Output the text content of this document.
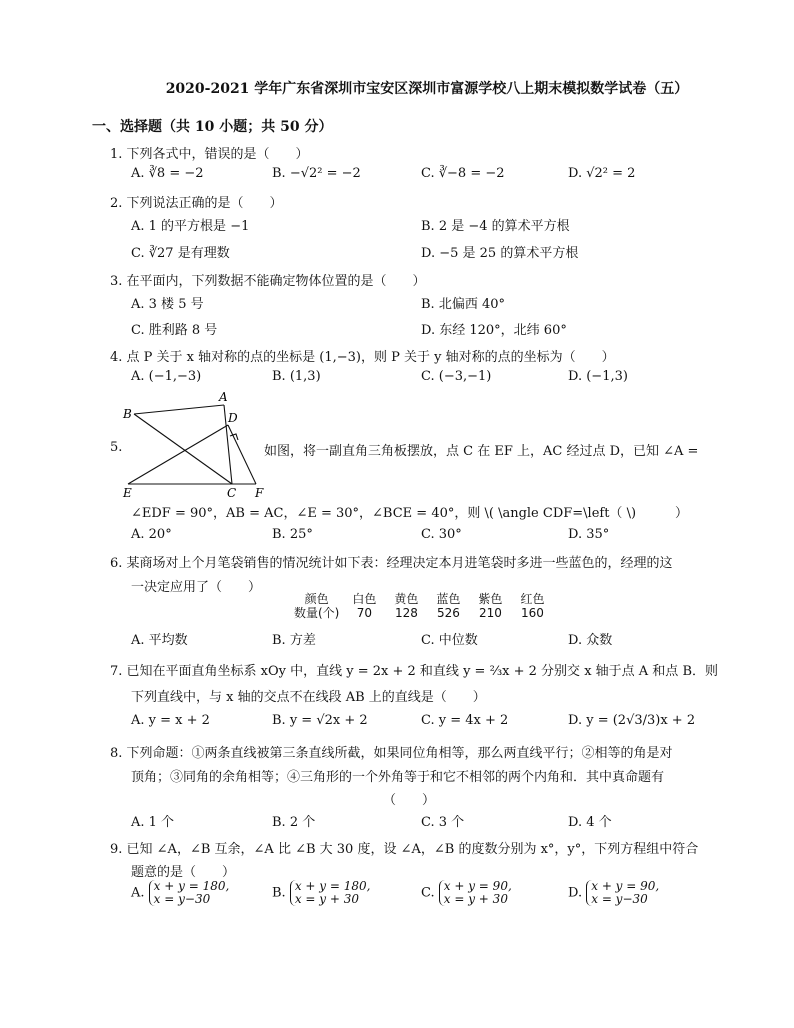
2020-2021 学年广东省深圳市宝安区深圳市富源学校八上期末模拟数学试卷（五）
一、选择题（共 10 小题；共 50 分）
1. 下列各式中，错误的是（　　）
A. ∛8 = −2	B. −√2² = −2	C. ∛−8 = −2	D. √2² = 2
2. 下列说法正确的是（　　）
A. 1 的平方根是 −1	B. 2 是 −4 的算术平方根
C. ∛27 是有理数	D. −5 是 25 的算术平方根
3. 在平面内，下列数据不能确定物体位置的是（　　）
A. 3 楼 5 号	B. 北偏西 40°
C. 胜利路 8 号	D. 东经 120°，北纬 60°
4. 点 P 关于 x 轴对称的点的坐标是 (1,−3)，则 P 关于 y 轴对称的点的坐标为（　　）
A. (−1,−3)	B. (1,3)	C. (−3,−1)	D. (−1,3)
5.
A
B
C
D
E	F
如图，将一副直角三角板摆放，点 C 在 EF 上，AC 经过点 D，已知 ∠A =
∠EDF = 90°，AB = AC，∠E = 30°，∠BCE = 40°，则 \( \angle CDF=\left（ \)　　　）
A. 20°	B. 25°	C. 30°	D. 35°
6. 某商场对上个月笔袋销售的情况统计如下表：经理决定本月进笔袋时多进一些蓝色的，经理的这
一决定应用了（　　）
颜色	白色	黄色	蓝色	紫色	红色
数量(个)	70	128	526	210	160
A. 平均数	B. 方差	C. 中位数	D. 众数
7. 已知在平面直角坐标系 xOy 中，直线 y = 2x + 2 和直线 y = ⅔x + 2 分别交 x 轴于点 A 和点 B．则
下列直线中，与 x 轴的交点不在线段 AB 上的直线是（　　）
A. y = x + 2	B. y = √2x + 2	C. y = 4x + 2	D. y = (2√3/3)x + 2
8. 下列命题：①两条直线被第三条直线所截，如果同位角相等，那么两直线平行；②相等的角是对
顶角；③同角的余角相等；④三角形的一个外角等于和它不相邻的两个内角和．其中真命题有
（　　）
A. 1 个	B. 2 个	C. 3 个	D. 4 个
9. 已知 ∠A，∠B 互余，∠A 比 ∠B 大 30 度，设 ∠A，∠B 的度数分别为 x°，y°，下列方程组中符合
题意的是（　　）
A. x + y = 180,
x = y−30	B. x + y = 180,
x = y + 30	C. x + y = 90,
x = y + 30	D. x + y = 90,
x = y−30
